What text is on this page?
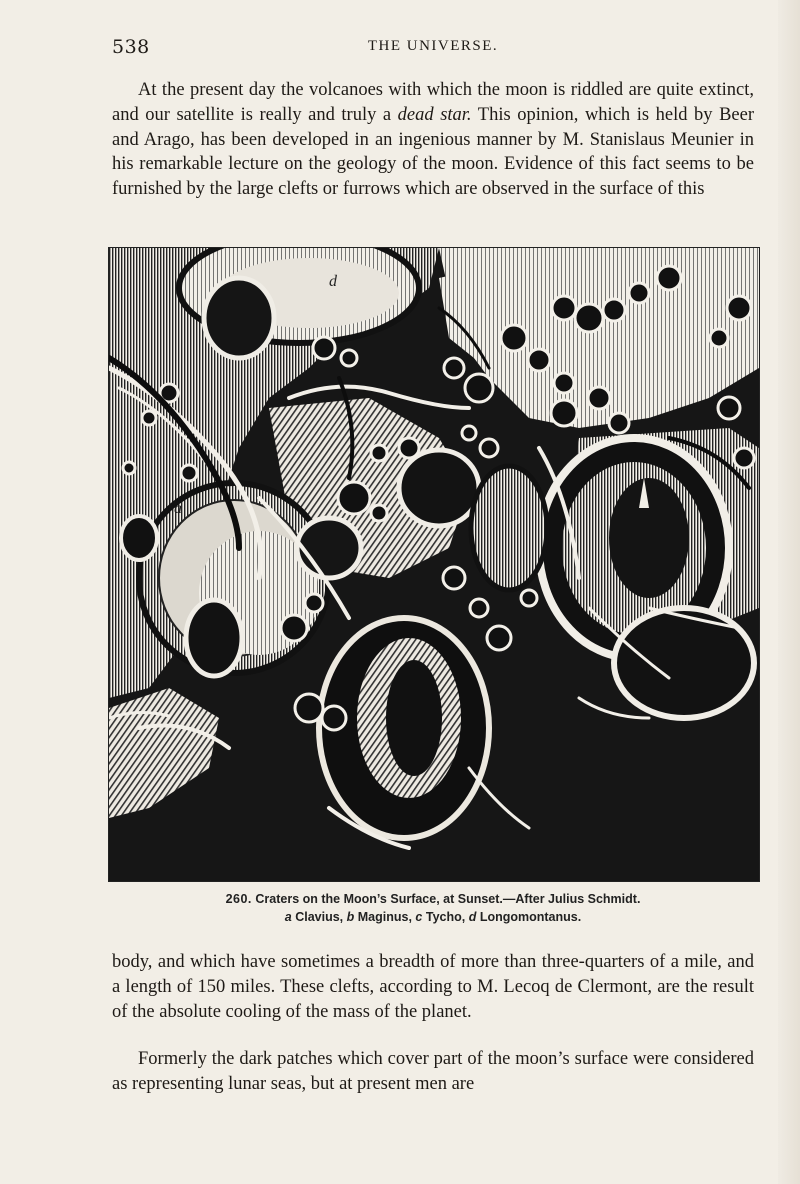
538	THE UNIVERSE.

At the present day the volcanoes with which the moon is riddled are quite extinct, and our satellite is really and truly a dead star. This opinion, which is held by Beer and Arago, has been developed in an ingenious manner by M. Stanislaus Meunier in his remarkable lecture on the geology of the moon. Evidence of this fact seems to be furnished by the large clefts or furrows which are observed in the surface of this

a
d
260. Craters on the Moon’s Surface, at Sunset.—After Julius Schmidt.
a Clavius, b Maginus, c Tycho, d Longomontanus.

body, and which have sometimes a breadth of more than three-quarters of a mile, and a length of 150 miles. These clefts, according to M. Lecoq de Clermont, are the result of the absolute cooling of the mass of the planet.

Formerly the dark patches which cover part of the moon’s surface were considered as representing lunar seas, but at present men are
